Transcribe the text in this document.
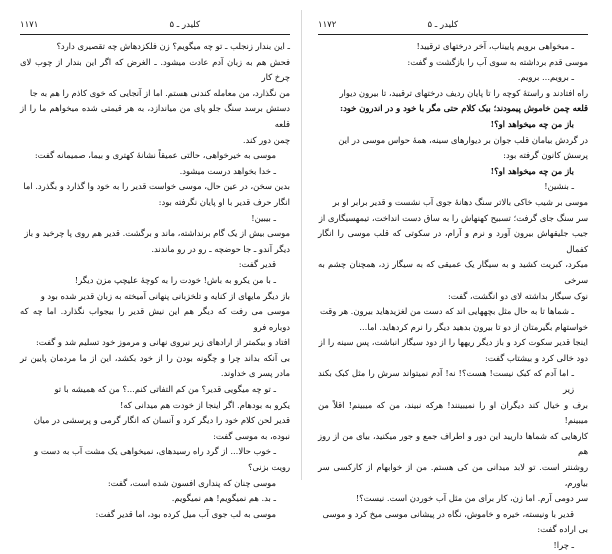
کلیدر ـ ۵
۱۱۷۱

ـ این بندار زنجلب ـ تو چه میگویم؟ زن فلکزدهاش چه تقصیری دارد؟

فحش هم به زبان آدم عادت میشود. ـ الغرض که اگر این بندار از چوب لای چرخ کار

من نگذارد، من معامله کندنی هستم. اما از آنجایی که خوی کاذم را هم به جا

دستش برسد سنگ جلو پای من میاندازد، به هر قیمتی شده میخواهم ما را از قلعه

چمن دور کند.

موسی به خیرخواهی، حالتی عمیقاً نشانهٔ کهتری و بیما، صمیمانه گفت:

ـ خدا بخواهد درست میشود.

بدین سخن، در عین حال، موسی خواست قدیر را به خود وا گذارد و بگذرد. اما

انگار حرف قدیر با او پایان نگرفته بود:

ـ بیبین!

موسی بیش از یک گام برنداشته، ماند و برگشت. قدیر هم روی پا چرخید و باز

دیگر آندو ـ جا حوضچه ـ رو در رو ماندند.

قدیر گفت:

ـ با من یکرو به باش! خودت را به کوچهٔ علیچپ مزن دیگر!

باز دیگر مایهای از کنایه و تلخزبانی پنهانی آمیخته به زبان قدیر شده بود و

موسی می رفت که دیگر هم این نیش قدیر را بیجواب نگذارد. اما چه که دوباره فرو

افتاد و بیکمتر از ارادهای زیر نیروی نهانی و مرموز خود تسلیم شد و گفت:

بی آنکه بداند چرا و چگونه بودن را از خود بکشد، این از ما مردمان پایین تر مادر پسر ی خداوند.

ـ تو چه میگویی قدیر؟ من کم التفاتی کنم...؟ من که همیشه با تو

یکرو به بودهام. اگر اینجا از خودت هم میدانی که!

قدیر لحن کلام خود را دیگر کرد و آنسان که انگار گرمی و پرسشی در میان

نبوده، به موسی گفت:

ـ خوب حالا... از گرد راه رسیدهای، نمیخواهی یک مشت آب به دست و

رویت بزنی؟

موسی چنان که پنداری افسون شده است، گفت:

ـ بد. هم نمیگویم! هم نمیگویم.

موسی به لب جوی آب میل کرده بود، اما قدیر گفت:

کلیدر ـ ۵
۱۱۷۲

ـ میخواهی برویم پاییناب، آخر درختهای ترقیید!

موسی قدم برداشته به سوی آب را بازگشت و گفت:

ـ برویم... برویم.

راه افتادند و راستهٔ کوچه را تا پایان ردیف درختهای ترقیید، تا بیرون دیوار

قلعه چمن خاموش پیمودند؛ بیک کلام حتی مگر با خود و در اندرون خود:

باز من چه میخواهد او؟!

در گردش بیامان قلب جوان بر دیوارهای سینه، همهٔ حواس موسی در این

پرسش کانون گرفته بود:

باز من چه میخواهد او؟!

ـ بنشین!

موسی بر شیب خاکی بالاتر سنگ دهانهٔ جوی آب نشست و قدیر برابر او بر

سر سنگ جای گرفت؛ تسبیح کهنهاش را به ساق دست انداخت، تیمهسیگاری از

جیب جلیقهاش بیرون آورد و نرم و آرام، در سکوتی که قلب موسی را انگار کفمال

میکرد، کبریت کشید و به سیگار یک عمیقی که به سیگار زد، همچنان چشم به سرخی

نوک سیگار بداشته لای دو انگشت، گفت:

ـ شماها تا به حال مثل بچههایی اند که دست من لغزیدهاید بیرون. هر وقت

خواستهام بگیرمتان از دو تا بیرون بدهید دیگر را نرم کردهاید. اما...

اینجا قدیر سکوت کرد و باز دیگر ریهها را از دود سیگار انباشت، پس سینه را از

دود خالی کرد و بیشتاب گفت:

ـ اما آدم که کبک نیست! هست؟! نه! آدم نمیتواند سرش را مثل کبک بکند زیر

برف و خیال کند دیگران او را نمیبینند! هرکه نبیند، من که میبینم! اقلاً من میبینم!

کارهایی که شماها داریید این دور و اطراف جمع و جور میکنید، بیای من از روز هم

روشنتر است. تو لابد میدانی من کی هستم. من از خوابهام از کارکسی سر بیاورم،

سر دومی آرم. اما زن، کار برای من مثل آب خوردن است. نیست؟!

قدیر با ونیسته، خیره و خاموش، نگاه در پیشانی موسی میخ کرد و موسی

بی اراده گفت:

ـ چرا!
